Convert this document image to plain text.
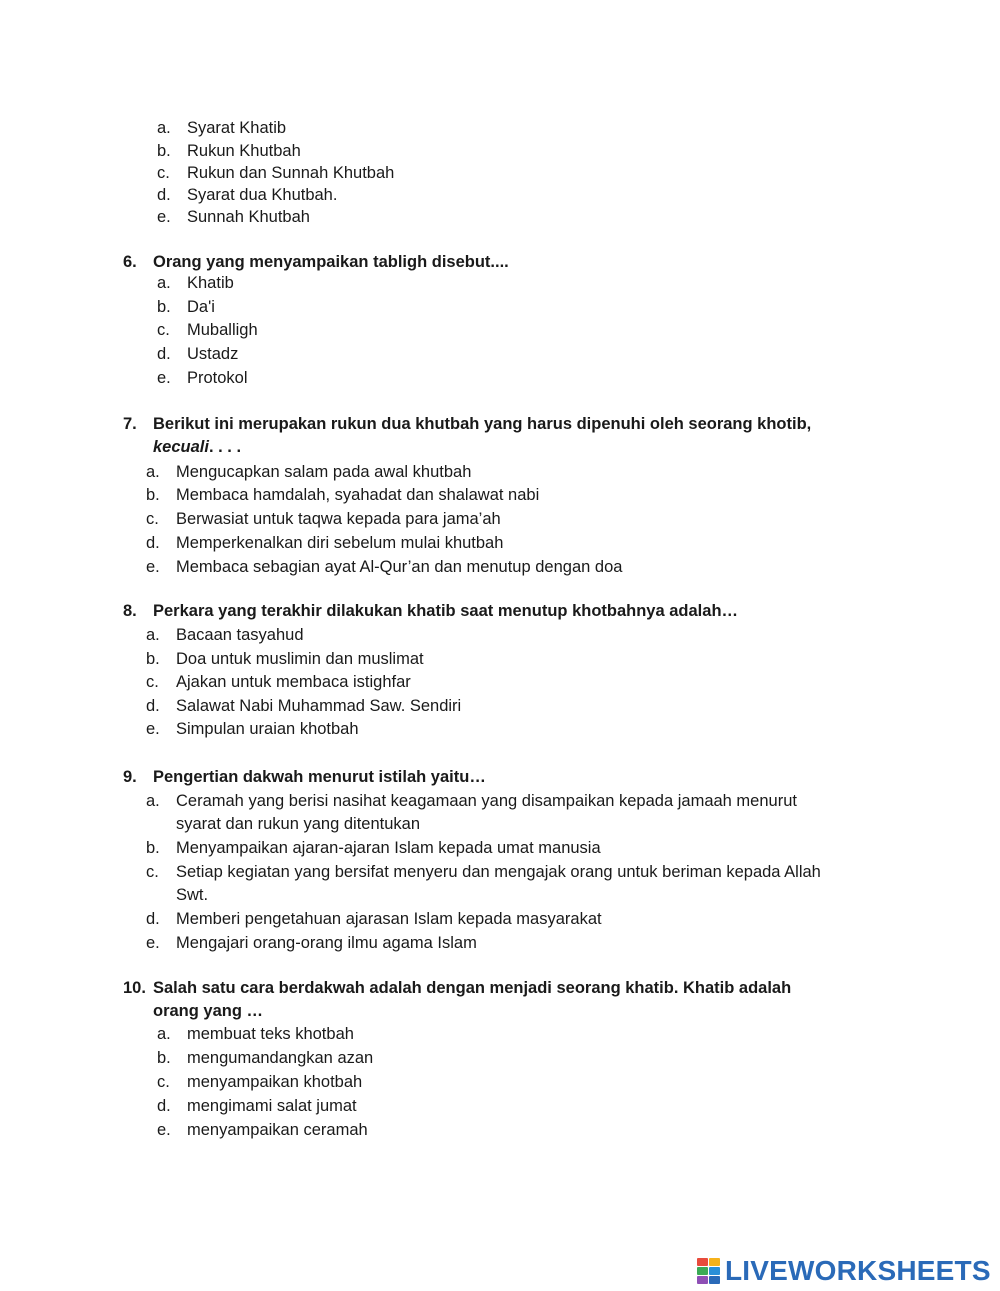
a. Syarat Khatib
b. Rukun Khutbah
c. Rukun dan Sunnah Khutbah
d. Syarat dua Khutbah.
e. Sunnah Khutbah
6. Orang yang menyampaikan tabligh disebut....
a. Khatib
b. Da'i
c. Muballigh
d. Ustadz
e. Protokol
7. Berikut ini merupakan rukun dua khutbah yang harus dipenuhi oleh seorang khotib,
kecuali. . . .
a. Mengucapkan salam pada awal khutbah
b. Membaca hamdalah, syahadat dan shalawat nabi
c. Berwasiat untuk taqwa kepada para jama’ah
d. Memperkenalkan diri sebelum mulai khutbah
e. Membaca sebagian ayat Al-Qur’an dan menutup dengan doa
8. Perkara yang terakhir dilakukan khatib saat menutup khotbahnya adalah…
a. Bacaan tasyahud
b. Doa untuk muslimin dan muslimat
c. Ajakan untuk membaca istighfar
d. Salawat Nabi Muhammad Saw. Sendiri
e. Simpulan uraian khotbah
9. Pengertian dakwah menurut istilah yaitu…
a. Ceramah yang berisi nasihat keagamaan yang disampaikan kepada jamaah menurut
syarat dan rukun yang ditentukan
b. Menyampaikan ajaran-ajaran Islam kepada umat manusia
c. Setiap kegiatan yang bersifat menyeru dan mengajak orang untuk beriman kepada Allah
Swt.
d. Memberi pengetahuan ajarasan Islam kepada masyarakat
e. Mengajari orang-orang ilmu agama Islam
10. Salah satu cara berdakwah adalah dengan menjadi seorang khatib. Khatib adalah
orang yang …
a. membuat teks khotbah
b. mengumandangkan azan
c. menyampaikan khotbah
d. mengimami salat jumat
e. menyampaikan ceramah
LIVEWORKSHEETS
